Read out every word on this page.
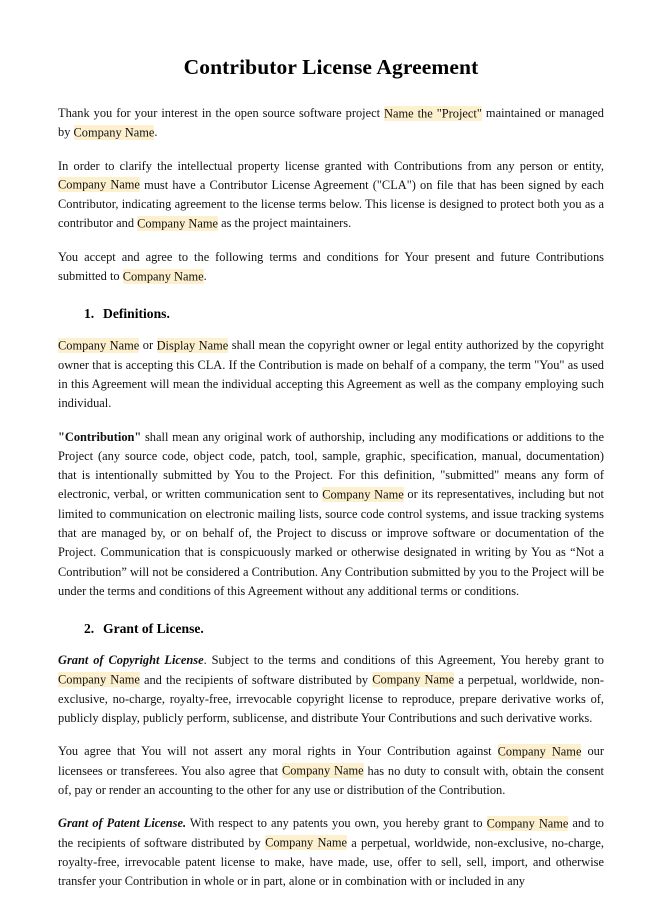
Contributor License Agreement

Thank you for your interest in the open source software project Name the "Project" maintained or managed by Company Name.

In order to clarify the intellectual property license granted with Contributions from any person or entity, Company Name must have a Contributor License Agreement ("CLA") on file that has been signed by each Contributor, indicating agreement to the license terms below. This license is designed to protect both you as a contributor and Company Name as the project maintainers.

You accept and agree to the following terms and conditions for Your present and future Contributions submitted to Company Name.

1. Definitions.

Company Name or Display Name shall mean the copyright owner or legal entity authorized by the copyright owner that is accepting this CLA. If the Contribution is made on behalf of a company, the term "You" as used in this Agreement will mean the individual accepting this Agreement as well as the company employing such individual.

"Contribution" shall mean any original work of authorship, including any modifications or additions to the Project (any source code, object code, patch, tool, sample, graphic, specification, manual, documentation) that is intentionally submitted by You to the Project. For this definition, "submitted" means any form of electronic, verbal, or written communication sent to Company Name or its representatives, including but not limited to communication on electronic mailing lists, source code control systems, and issue tracking systems that are managed by, or on behalf of, the Project to discuss or improve software or documentation of the Project. Communication that is conspicuously marked or otherwise designated in writing by You as “Not a Contribution” will not be considered a Contribution. Any Contribution submitted by you to the Project will be under the terms and conditions of this Agreement without any additional terms or conditions.

2. Grant of License.

Grant of Copyright License. Subject to the terms and conditions of this Agreement, You hereby grant to Company Name and the recipients of software distributed by Company Name a perpetual, worldwide, non-exclusive, no-charge, royalty-free, irrevocable copyright license to reproduce, prepare derivative works of, publicly display, publicly perform, sublicense, and distribute Your Contributions and such derivative works.

You agree that You will not assert any moral rights in Your Contribution against Company Name our licensees or transferees. You also agree that Company Name has no duty to consult with, obtain the consent of, pay or render an accounting to the other for any use or distribution of the Contribution.

Grant of Patent License. With respect to any patents you own, you hereby grant to Company Name and to the recipients of software distributed by Company Name a perpetual, worldwide, non-exclusive, no-charge, royalty-free, irrevocable patent license to make, have made, use, offer to sell, sell, import, and otherwise transfer your Contribution in whole or in part, alone or in combination with or included in any
